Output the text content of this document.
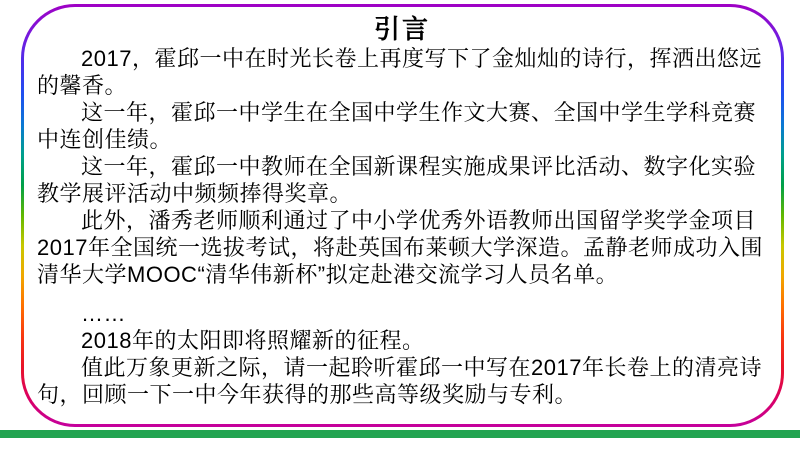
引言

2017，霍邱一中在时光长卷上再度写下了金灿灿的诗行，挥洒出悠远的馨香。

这一年，霍邱一中学生在全国中学生作文大赛、全国中学生学科竞赛中连创佳绩。

这一年，霍邱一中教师在全国新课程实施成果评比活动、数字化实验教学展评活动中频频捧得奖章。

此外，潘秀老师顺利通过了中小学优秀外语教师出国留学奖学金项目2017年全国统一选拔考试，将赴英国布莱顿大学深造。孟静老师成功入围清华大学MOOC“清华伟新杯”拟定赴港交流学习人员名单。

……

2018年的太阳即将照耀新的征程。

值此万象更新之际，请一起聆听霍邱一中写在2017年长卷上的清亮诗句，回顾一下一中今年获得的那些高等级奖励与专利。
